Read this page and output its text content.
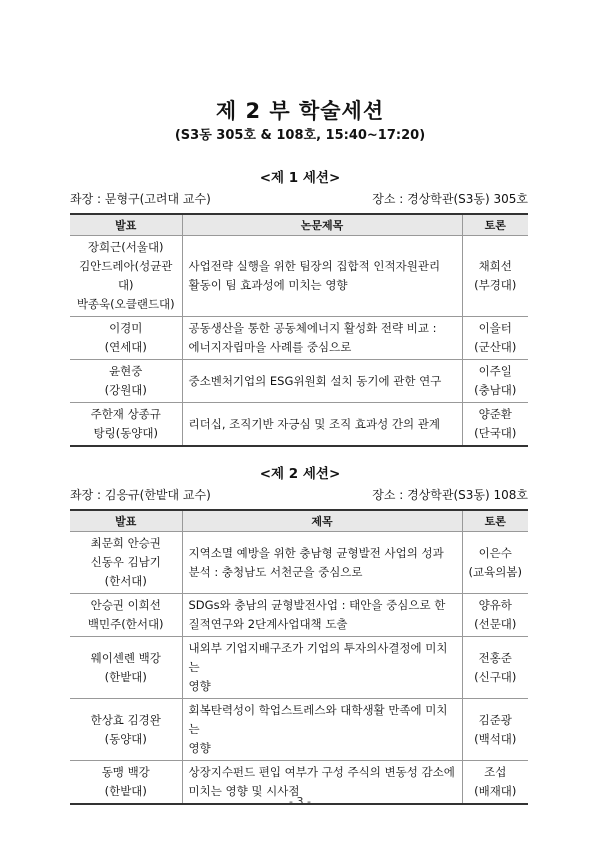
제 2 부 학술세션
(S3동 305호 & 108호, 15:40~17:20)
<제 1 세션>
좌장 : 문형구(고려대 교수)	장소 : 경상학관(S3동) 305호
발표	논문제목	토론

장희근(서울대)
김안드레아(성균관대)
박종욱(오클랜드대)	사업전략 실행을 위한 팀장의 집합적 인적자원관리
활동이 팀 효과성에 미치는 영향	채희선
(부경대)

이경미
(연세대)	공동생산을 통한 공동체에너지 활성화 전략 비교 :
에너지자립마을 사례를 중심으로	이을터
(군산대)

윤현중
(강원대)	중소벤처기업의 ESG위원회 설치 동기에 관한 연구	이주일
(충남대)

주한재 상종규
탕링(동양대)	리더십, 조직기반 자긍심 및 조직 효과성 간의 관계	양준환
(단국대)
<제 2 세션>
좌장 : 김응규(한밭대 교수)	장소 : 경상학관(S3동) 108호
발표	제목	토론

최문희 안승권
신동우 김남기
(한서대)	지역소멸 예방을 위한 충남형 균형발전 사업의 성과
분석 : 충청남도 서천군을 중심으로	이은수
(교육의봄)

안승권 이희선
백민주(한서대)	SDGs와 충남의 균형발전사업 : 태안을 중심으로 한
질적연구와 2단계사업대책 도출	양유하
(선문대)

웨이센롄 백강
(한밭대)	내외부 기업지배구조가 기업의 투자의사결정에 미치는
영향	전홍준
(신구대)

한상효 김경완
(동양대)	회복탄력성이 학업스트레스와 대학생활 만족에 미치는
영향	김준광
(백석대)

동맹 백강
(한밭대)	상장지수펀드 편입 여부가 구성 주식의 변동성 감소에
미치는 영향 및 시사점	조섭
(배재대)
- 3 -
